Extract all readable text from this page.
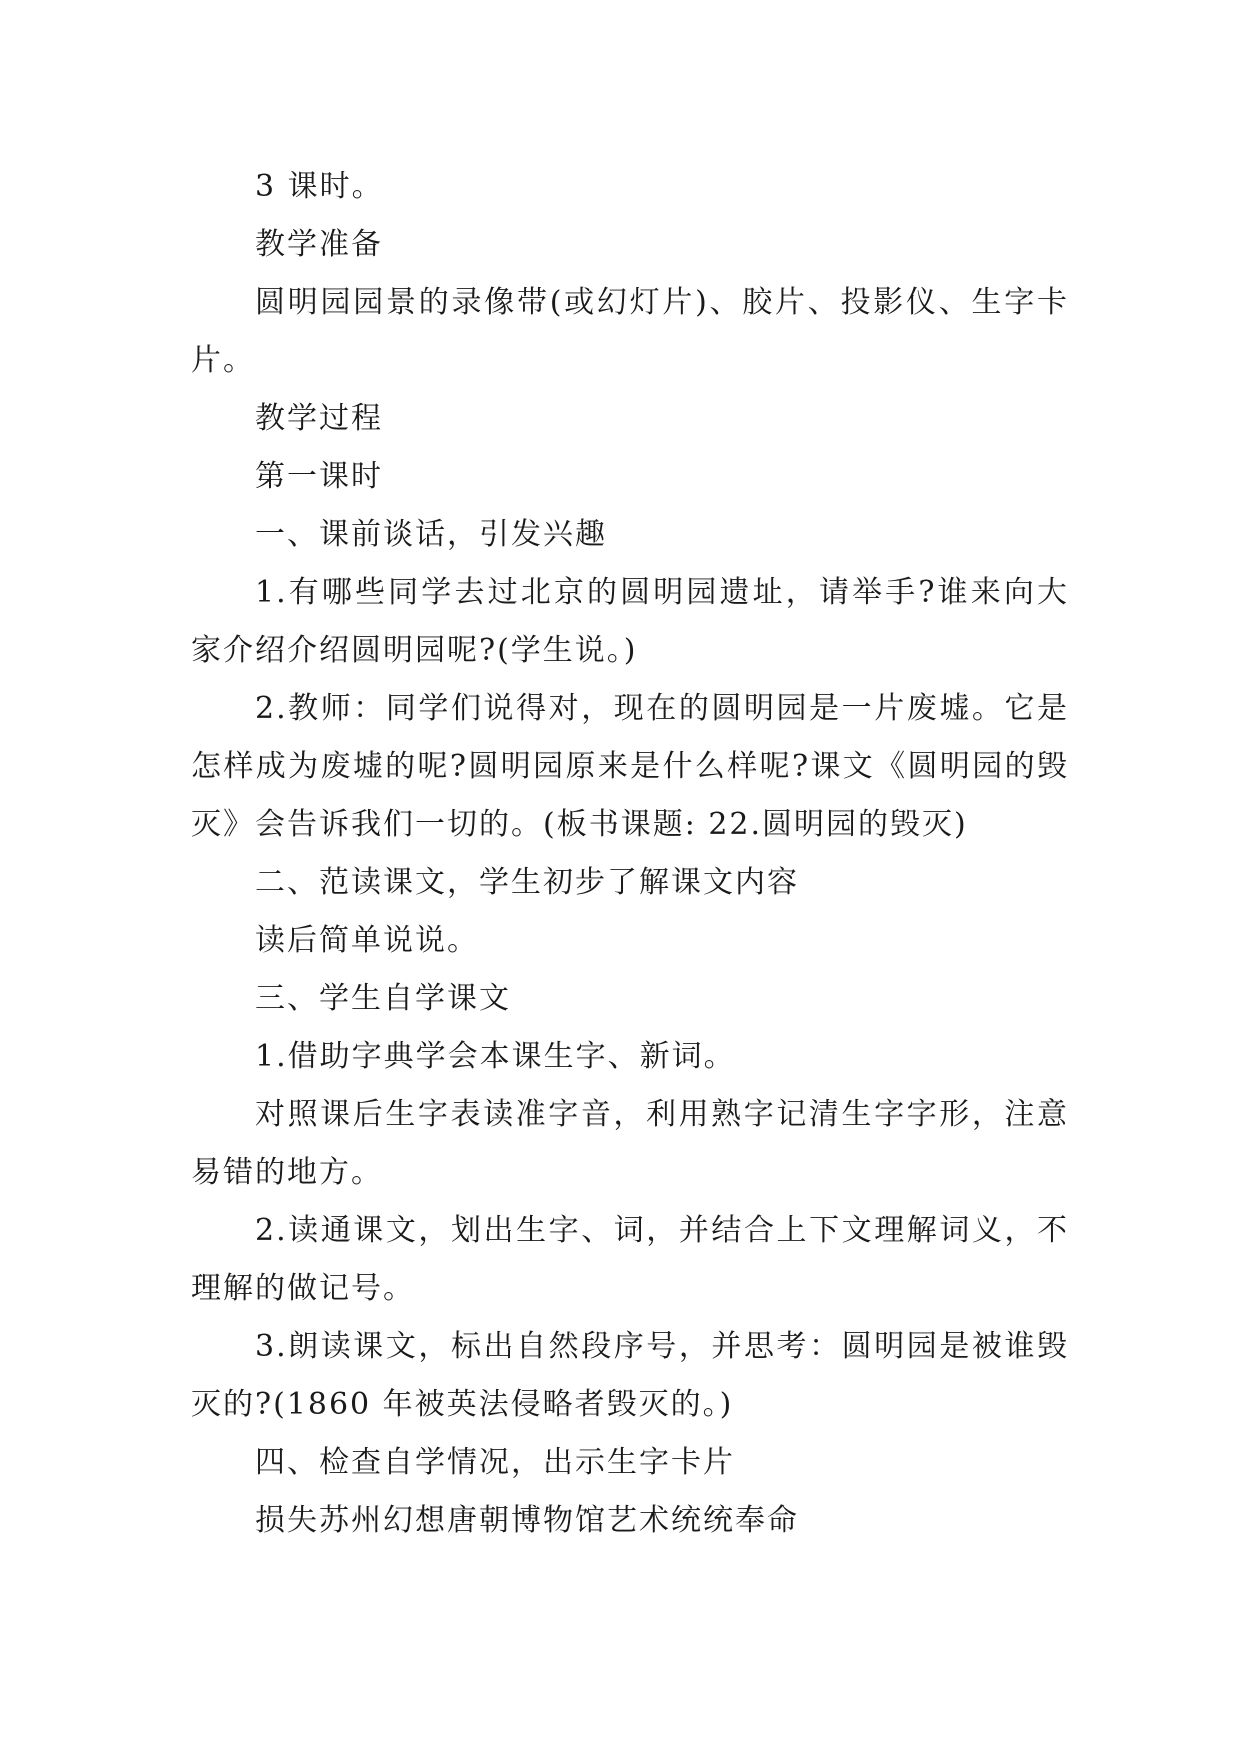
3 课时。

教学准备

圆明园园景的录像带(或幻灯片)、胶片、投影仪、生字卡片。

教学过程

第一课时

一、课前谈话，引发兴趣

1.有哪些同学去过北京的圆明园遗址，请举手?谁来向大家介绍介绍圆明园呢?(学生说。)

2.教师：同学们说得对，现在的圆明园是一片废墟。它是怎样成为废墟的呢?圆明园原来是什么样呢?课文《圆明园的毁灭》会告诉我们一切的。(板书课题: 22.圆明园的毁灭)

二、范读课文，学生初步了解课文内容

读后简单说说。

三、学生自学课文

1.借助字典学会本课生字、新词。

对照课后生字表读准字音，利用熟字记清生字字形，注意易错的地方。

2.读通课文，划出生字、词，并结合上下文理解词义，不理解的做记号。

3.朗读课文，标出自然段序号，并思考：圆明园是被谁毁灭的?(1860 年被英法侵略者毁灭的。)

四、检查自学情况，出示生字卡片

损失苏州幻想唐朝博物馆艺术统统奉命
